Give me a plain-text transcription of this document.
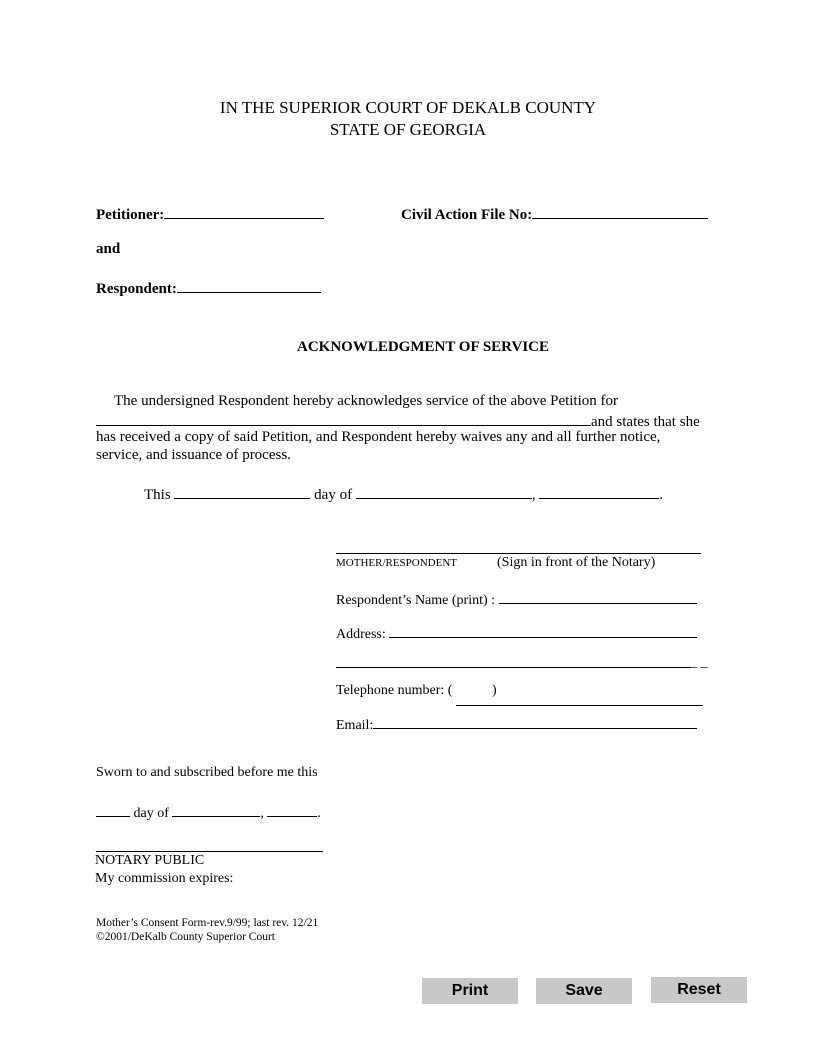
IN THE SUPERIOR COURT OF DEKALB COUNTY
STATE OF GEORGIA
Petitioner:	Civil Action File No:
and
Respondent:
ACKNOWLEDGMENT OF SERVICE
The undersigned Respondent hereby acknowledges service of the above Petition for
and states that she
has received a copy of said Petition, and Respondent hereby waives any and all further notice,
service, and issuance of process.
This	day of	,	.
MOTHER/RESPONDENT	(Sign in front of the Notary)
Respondent’s Name (print) :
Address:
_ _
Telephone number: (	)
Email:
Sworn to and subscribed before me this
day of	,	.
NOTARY PUBLIC
My commission expires:
Mother’s Consent Form-rev.9/99; last rev. 12/21
©2001/DeKalb County Superior Court
Print	Save	Reset
